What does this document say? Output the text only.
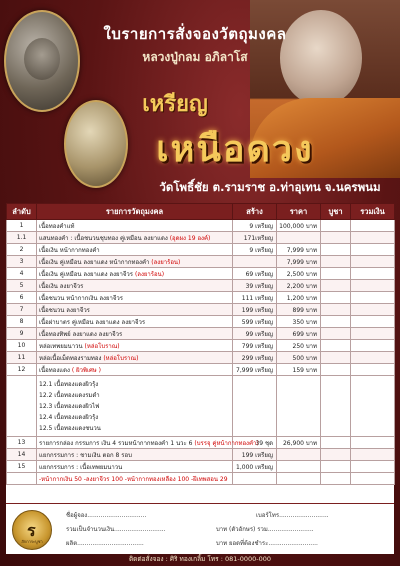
ใบรายการสั่งจองวัตถุมงคล
หลวงปู่กลม อภิลาโส
เหรียญ
เหนือดวง
วัดโพธิ์ชัย ต.รามราช อ.ท่าอุเทน จ.นครพนม
ลำดับ	รายการวัตถุมงคล	สร้าง	ราคา	บูชา	รวมเงิน
1	เนื้อทองคำแท้	9 เหรียญ	100,000 บาท		
1.1	แสนทองคำ : เนื้อชนวนชุบทอง คู่เหมือน ลงยาแดง (อุดผง 19 องค์)	171เหรียญ			
2	เนื้อเงิน หน้ากากทองคำ	9 เหรียญ	7,999 บาท		
3	เนื้อเงิน คู่เหมือน ลงยาแดง หน้ากากทองคำ (ลงยาร้อน)		7,999 บาท		
4	เนื้อเงิน คู่เหมือน ลงยาแดง ลงยาจีวร (ลงยาร้อน)	69 เหรียญ	2,500 บาท		
5	เนื้อเงิน ลงยาจีวร	39 เหรียญ	2,200 บาท		
6	เนื้อชนวน หน้ากากเงิน ลงยาจีวร	111 เหรียญ	1,200 บาท		
7	เนื้อชนวน ลงยาจีวร	199 เหรียญ	899 บาท		
8	เนื้อฝาบาตร คู่เหมือน ลงยาแดง ลงยาจีวร	599 เหรียญ	350 บาท		
9	เนื้อทองทิพย์ ลงยาแดง ลงยาจีวร	99 เหรียญ	699 บาท		
10	หล่อเทพยมนาวน (หล่อโบราณ)	799 เหรียญ	250 บาท		
11	หล่อเนื้อเม็ดทองรามทอง (หล่อโบราณ)	299 เหรียญ	500 บาท		
12	เนื้อทองแดง ( ผิวพิเศษ )	7,999 เหรียญ	159 บาท		

	12.1 เนื้อทองแดงผิวรุ้ง
12.2 เนื้อทองแดงรมดำ
12.3 เนื้อทองแดงผิวไฟ
12.4 เนื้อทองแดงผิวรุ้ง
12.5 เนื้อทองแดงชนวน				

13	รายการกล่อง กรรมการ เงิน 4 รวมหน้ากากทองคำ 1 นวะ 6 (บรรจุ คู่หน้ากากทองคำ)	39 ชุด	26,900 บาท		
14	แยกกรรมการ : ชามเงิน ตอก 8 รอบ	199 เหรียญ			
15	แยกกรรมการ : เนื้อเทพยมนาวน	1,000 เหรียญ			
	-หน้ากากเงิน 50 -ลงยาจีวร 100 -หน้ากากทองเหลือง 100 -ฝีเทพสอน 29				
ร
สักการะบูชา
ชื่อผู้จอง...............................	เบอร์โทร..........................
รวมเป็นจำนวนเงิน...........................	บาท (ตัวอักษร) รวม........................
ผลิต...................................	บาท ยอดที่ต้องชำระ..........................
ติดต่อสั่งจอง : ศิริ ทองเกลิ้ม โทร : 081-0000-000
